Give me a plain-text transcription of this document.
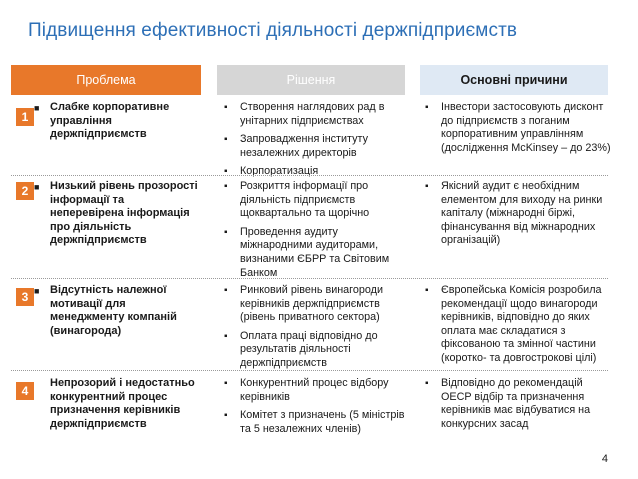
Підвищення ефективності діяльності держпідприємств
Проблема	Рішення	Основні причини
1
■ Слабке корпоративне управління держпідприємств
▪ Створення наглядових рад в унітарних підприємствах
▪ Запровадження інституту незалежних директорів
▪ Корпоратизація
▪ Інвестори застосовують дисконт до підприємств з поганим корпоративним управлінням (дослідження McKinsey – до 23%)
2 ■ Низький рівень прозорості інформації та неперевірена інформація про діяльність держпідприємств
▪ Розкриття інформації про діяльність підприємств щоквартально та щорічно
▪ Проведення аудиту міжнародними аудиторами, визнаними ЄБРР та Світовим Банком
▪ Якісний аудит є необхідним елементом для виходу на ринки капіталу (міжнародні біржі, фінансування від міжнародних організацій)
3 ■ Відсутність належної мотивації для менеджменту компаній (винагорода)
▪ Ринковий рівень винагороди керівників держпідприємств (рівень приватного сектора)
▪ Оплата праці відповідно до результатів діяльності держпідприємств
▪ Європейська Комісія розробила рекомендації щодо винагороди керівників, відповідно до яких оплата має складатися з фіксованою та змінної частини (коротко- та довгострокові цілі)
4
Непрозорий і недостатньо конкурентний процес призначення керівників держпідприємств
▪ Конкурентний процес відбору керівників
▪ Комітет з призначень (5 міністрів та 5 незалежних членів)
▪ Відповідно до рекомендацій OECP відбір та призначення керівників має відбуватися на конкурсних засад
4
